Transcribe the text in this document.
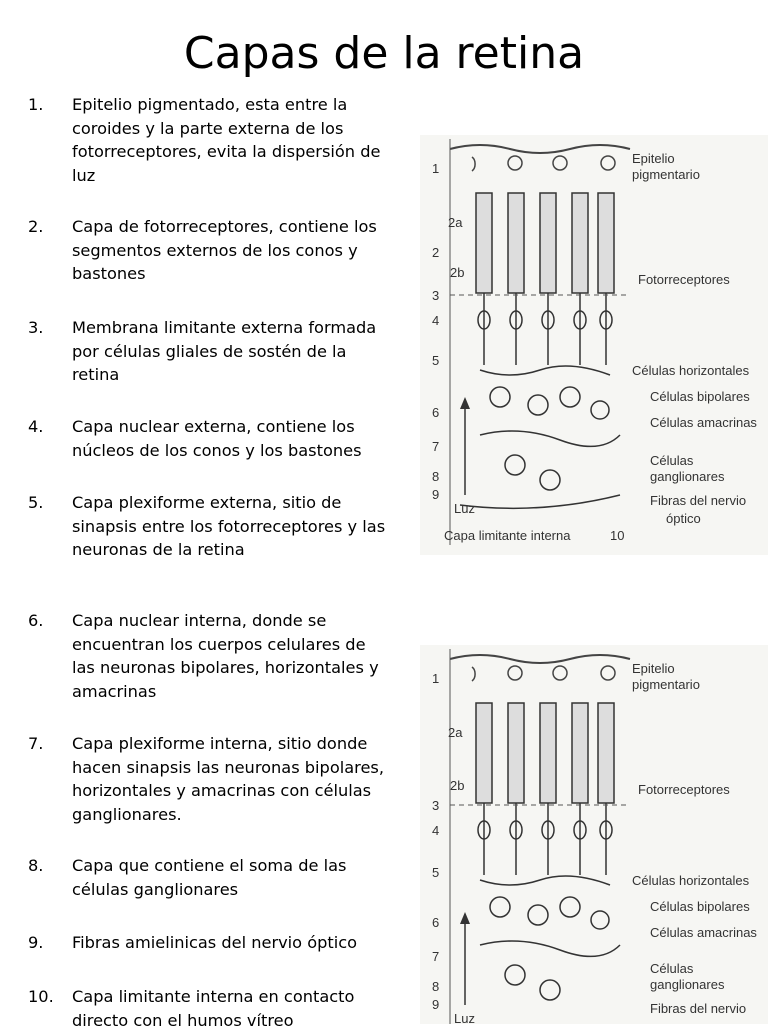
Capas de la retina
1.	Epitelio pigmentado, esta entre la
coroides y la parte externa de los
fotorreceptores, evita la dispersión de
luz
2.	Capa de fotorreceptores, contiene los
segmentos externos de los conos y
bastones
3.	Membrana limitante externa formada
por células gliales de sostén de la
retina
4.	Capa nuclear externa, contiene los
núcleos de los conos y los bastones
5.	Capa plexiforme externa, sitio de
sinapsis entre los fotorreceptores y las
neuronas de la retina
6.	Capa nuclear interna, donde se
encuentran los cuerpos celulares de
las neuronas bipolares, horizontales y
amacrinas
7.	Capa plexiforme interna, sitio donde
hacen sinapsis las neuronas bipolares,
horizontales y amacrinas con células
ganglionares.
8.	Capa que contiene el soma de las
células ganglionares
9.	Fibras amielinicas del nervio óptico
10.	Capa limitante interna en contacto
directo con el humos vítreo
1
2a
2
2b
3
4
5
6
7
8
9
Epitelio
pigmentario
Fotorreceptores
Células horizontales
Células bipolares
Células amacrinas
Células
ganglionares
Fibras del nervio
óptico
Luz
Capa limitante interna	10
1
2a
2b
3
4
5
6
7
8
9
Epitelio
pigmentario
Fotorreceptores
Células horizontales
Células bipolares
Células amacrinas
Células
ganglionares
Fibras del nervio
Luz
